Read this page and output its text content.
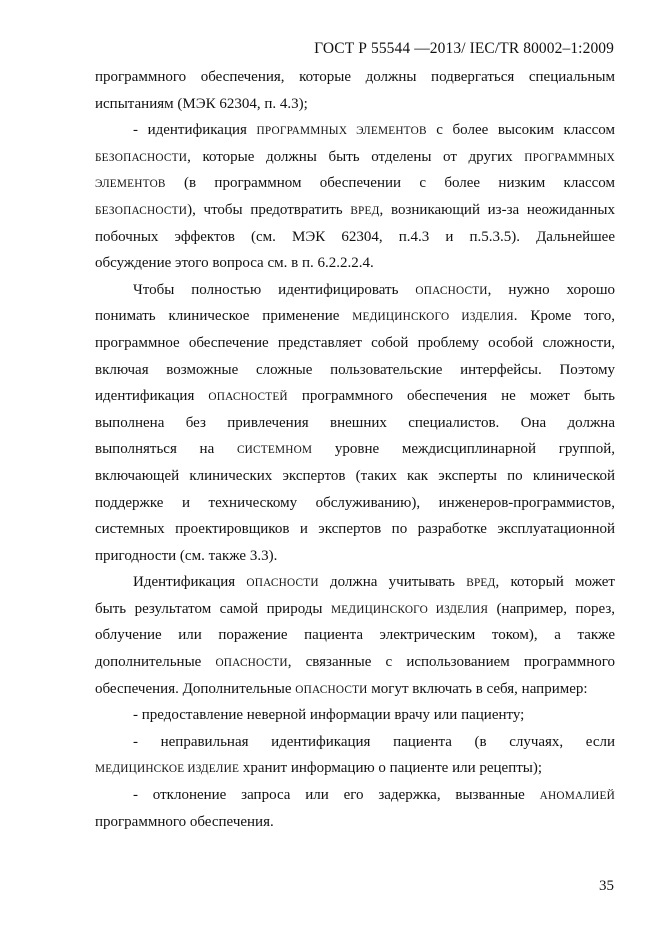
ГОСТ Р 55544 —2013/ IEC/TR 80002–1:2009
программного обеспечения, которые должны подвергаться специальным
испытаниям (МЭК 62304, п. 4.3);
- идентификация ПРОГРАММНЫХ ЭЛЕМЕНТОВ с более высоким классом
БЕЗОПАСНОСТИ, которые должны быть отделены от других ПРОГРАММНЫХ
ЭЛЕМЕНТОВ (в программном обеспечении с более низким классом
БЕЗОПАСНОСТИ), чтобы предотвратить ВРЕД, возникающий из-за неожиданных
побочных эффектов (см. МЭК 62304, п.4.3 и п.5.3.5). Дальнейшее
обсуждение этого вопроса см. в п. 6.2.2.2.4.
Чтобы полностью идентифицировать ОПАСНОСТИ, нужно хорошо
понимать клиническое применение МЕДИЦИНСКОГО ИЗДЕЛИЯ. Кроме того,
программное обеспечение представляет собой проблему особой сложности,
включая возможные сложные пользовательские интерфейсы. Поэтому
идентификация ОПАСНОСТЕЙ программного обеспечения не может быть
выполнена без привлечения внешних специалистов. Она должна
выполняться на СИСТЕМНОМ уровне междисциплинарной группой,
включающей клинических экспертов (таких как эксперты по клинической
поддержке и техническому обслуживанию), инженеров-программистов,
системных проектировщиков и экспертов по разработке эксплуатационной
пригодности (см. также 3.3).
Идентификация ОПАСНОСТИ должна учитывать ВРЕД, который может
быть результатом самой природы МЕДИЦИНСКОГО ИЗДЕЛИЯ (например, порез,
облучение или поражение пациента электрическим током), а также
дополнительные ОПАСНОСТИ, связанные с использованием программного
обеспечения. Дополнительные ОПАСНОСТИ могут включать в себя, например:
- предоставление неверной информации врачу или пациенту;
- неправильная идентификация пациента (в случаях, если
МЕДИЦИНСКОЕ ИЗДЕЛИЕ хранит информацию о пациенте или рецепты);
- отклонение запроса или его задержка, вызванные АНОМАЛИЕЙ
программного обеспечения.
35
